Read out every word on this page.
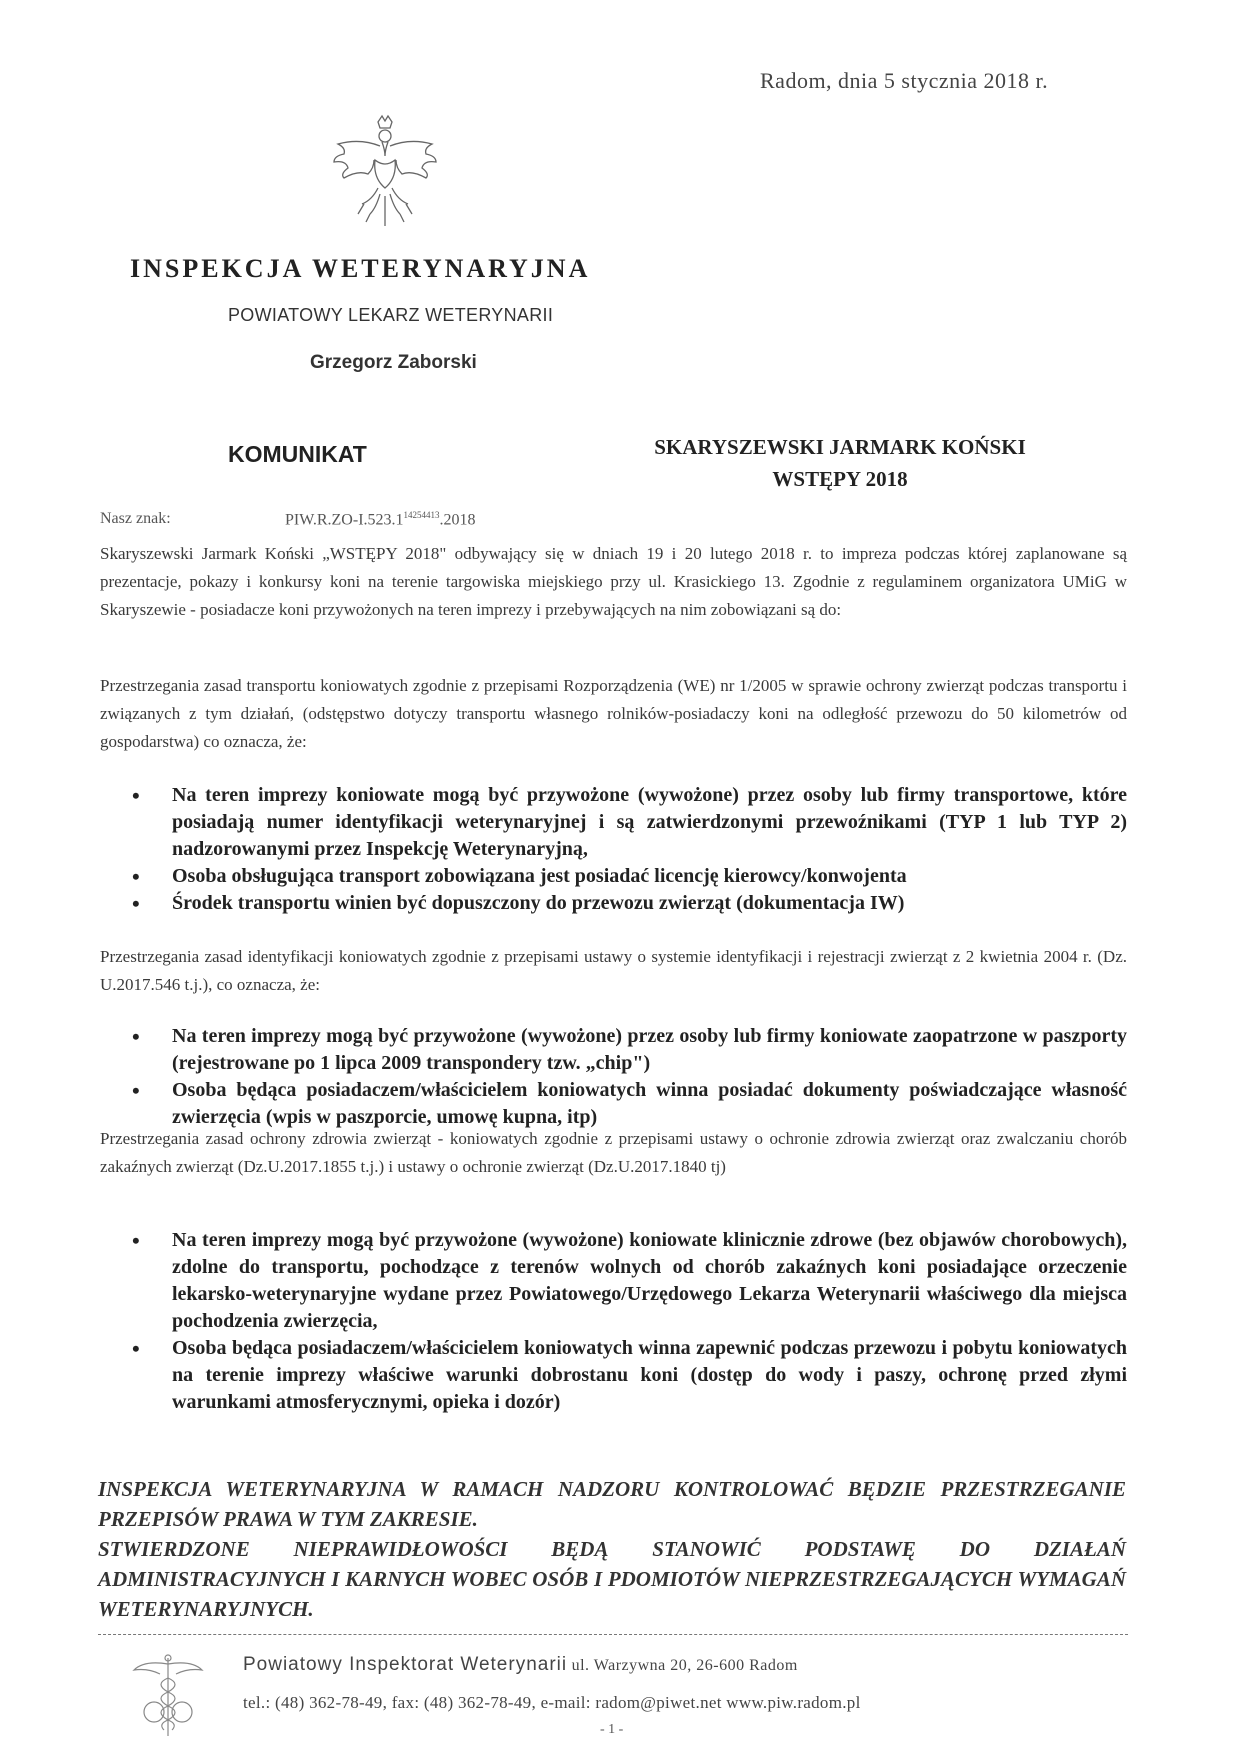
Radom, dnia 5 stycznia 2018 r.
INSPEKCJA WETERYNARYJNA
POWIATOWY LEKARZ WETERYNARII
Grzegorz Zaborski
KOMUNIKAT	SKARYSZEWSKI JARMARK KOŃSKI
WSTĘPY 2018
Nasz znak:	$PIW.R.ZO-I.523.1^{14254413}.2018$
Skaryszewski Jarmark Koński „WSTĘPY 2018" odbywający się w dniach 19 i 20 lutego 2018 r. to impreza podczas której zaplanowane są prezentacje, pokazy i konkursy koni na terenie targowiska miejskiego przy ul. Krasickiego 13. Zgodnie z regulaminem organizatora UMiG w Skaryszewie - posiadacze koni przywożonych na teren imprezy i przebywających na nim zobowiązani są do:
Przestrzegania zasad transportu koniowatych zgodnie z przepisami Rozporządzenia (WE) nr 1/2005 w sprawie ochrony zwierząt podczas transportu i związanych z tym działań, (odstępstwo dotyczy transportu własnego rolników-posiadaczy koni na odległość przewozu do 50 kilometrów od gospodarstwa) co oznacza, że:
• Na teren imprezy koniowate mogą być przywożone (wywożone) przez osoby lub firmy transportowe, które posiadają numer identyfikacji weterynaryjnej i są zatwierdzonymi przewoźnikami (TYP 1 lub TYP 2) nadzorowanymi przez Inspekcję Weterynaryjną,
• Osoba obsługująca transport zobowiązana jest posiadać licencję kierowcy/konwojenta
• Środek transportu winien być dopuszczony do przewozu zwierząt (dokumentacja IW)
Przestrzegania zasad identyfikacji koniowatych zgodnie z przepisami ustawy o systemie identyfikacji i rejestracji zwierząt z 2 kwietnia 2004 r. (Dz. U.2017.546 t.j.), co oznacza, że:
• Na teren imprezy mogą być przywożone (wywożone) przez osoby lub firmy koniowate zaopatrzone w paszporty (rejestrowane po 1 lipca 2009 transpondery tzw. „chip")
• Osoba będąca posiadaczem/właścicielem koniowatych winna posiadać dokumenty poświadczające własność zwierzęcia (wpis w paszporcie, umowę kupna, itp)
Przestrzegania zasad ochrony zdrowia zwierząt - koniowatych zgodnie z przepisami ustawy o ochronie zdrowia zwierząt oraz zwalczaniu chorób zakaźnych zwierząt (Dz.U.2017.1855 t.j.) i ustawy o ochronie zwierząt (Dz.U.2017.1840 tj)
• Na teren imprezy mogą być przywożone (wywożone) koniowate klinicznie zdrowe (bez objawów chorobowych), zdolne do transportu, pochodzące z terenów wolnych od chorób zakaźnych koni posiadające orzeczenie lekarsko-weterynaryjne wydane przez Powiatowego/Urzędowego Lekarza Weterynarii właściwego dla miejsca pochodzenia zwierzęcia,
• Osoba będąca posiadaczem/właścicielem koniowatych winna zapewnić podczas przewozu i pobytu koniowatych na terenie imprezy właściwe warunki dobrostanu koni (dostęp do wody i paszy, ochronę przed złymi warunkami atmosferycznymi, opieka i dozór)
INSPEKCJA WETERYNARYJNA W RAMACH NADZORU KONTROLOWAĆ BĘDZIE PRZESTRZEGANIE PRZEPISÓW PRAWA W TYM ZAKRESIE.
STWIERDZONE NIEPRAWIDŁOWOŚCI BĘDĄ STANOWIĆ PODSTAWĘ DO DZIAŁAŃ ADMINISTRACYJNYCH I KARNYCH WOBEC OSÓB I PDOMIOTÓW NIEPRZESTRZEGAJĄCYCH WYMAGAŃ WETERYNARYJNYCH.
Powiatowy Inspektorat Weterynarii ul. Warzywna 20, 26-600 Radom
tel.: (48) 362-78-49, fax: (48) 362-78-49, e-mail: radom@piwet.net www.piw.radom.pl
- 1 -
